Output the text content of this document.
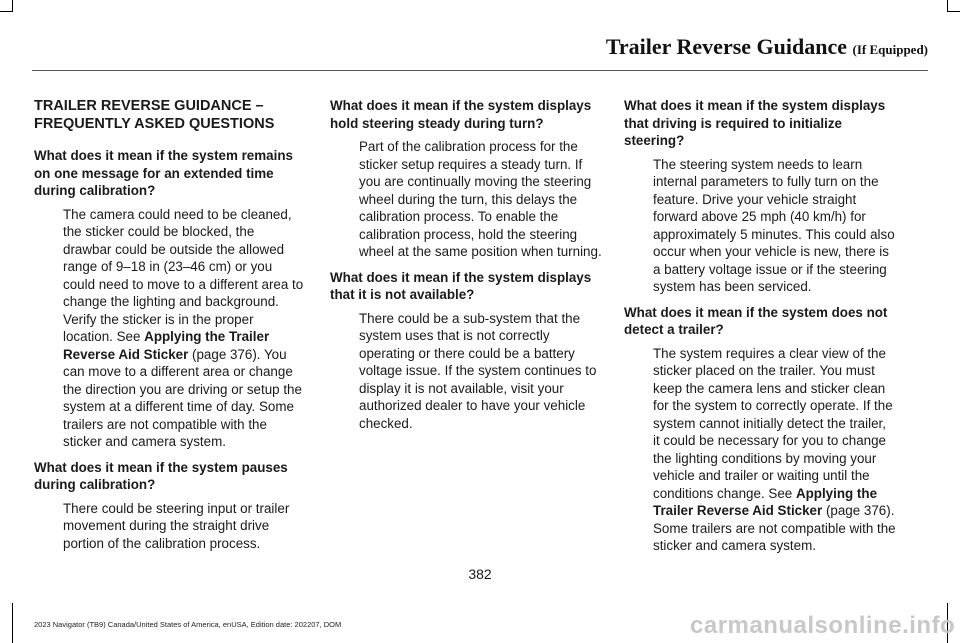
Trailer Reverse Guidance (If Equipped)
TRAILER REVERSE GUIDANCE – FREQUENTLY ASKED QUESTIONS
What does it mean if the system remains on one message for an extended time during calibration?
The camera could need to be cleaned, the sticker could be blocked, the drawbar could be outside the allowed range of 9–18 in (23–46 cm) or you could need to move to a different area to change the lighting and background. Verify the sticker is in the proper location. See Applying the Trailer Reverse Aid Sticker (page 376). You can move to a different area or change the direction you are driving or setup the system at a different time of day. Some trailers are not compatible with the sticker and camera system.
What does it mean if the system pauses during calibration?
There could be steering input or trailer movement during the straight drive portion of the calibration process.
What does it mean if the system displays hold steering steady during turn?
Part of the calibration process for the sticker setup requires a steady turn. If you are continually moving the steering wheel during the turn, this delays the calibration process. To enable the calibration process, hold the steering wheel at the same position when turning.
What does it mean if the system displays that it is not available?
There could be a sub-system that the system uses that is not correctly operating or there could be a battery voltage issue. If the system continues to display it is not available, visit your authorized dealer to have your vehicle checked.
What does it mean if the system displays that driving is required to initialize steering?
The steering system needs to learn internal parameters to fully turn on the feature. Drive your vehicle straight forward above 25 mph (40 km/h) for approximately 5 minutes. This could also occur when your vehicle is new, there is a battery voltage issue or if the steering system has been serviced.
What does it mean if the system does not detect a trailer?
The system requires a clear view of the sticker placed on the trailer. You must keep the camera lens and sticker clean for the system to correctly operate. If the system cannot initially detect the trailer, it could be necessary for you to change the lighting conditions by moving your vehicle and trailer or waiting until the conditions change. See Applying the Trailer Reverse Aid Sticker (page 376). Some trailers are not compatible with the sticker and camera system.
382
2023 Navigator (TB9) Canada/United States of America, enUSA, Edition date: 202207, DOM	carmanualsonline.info
